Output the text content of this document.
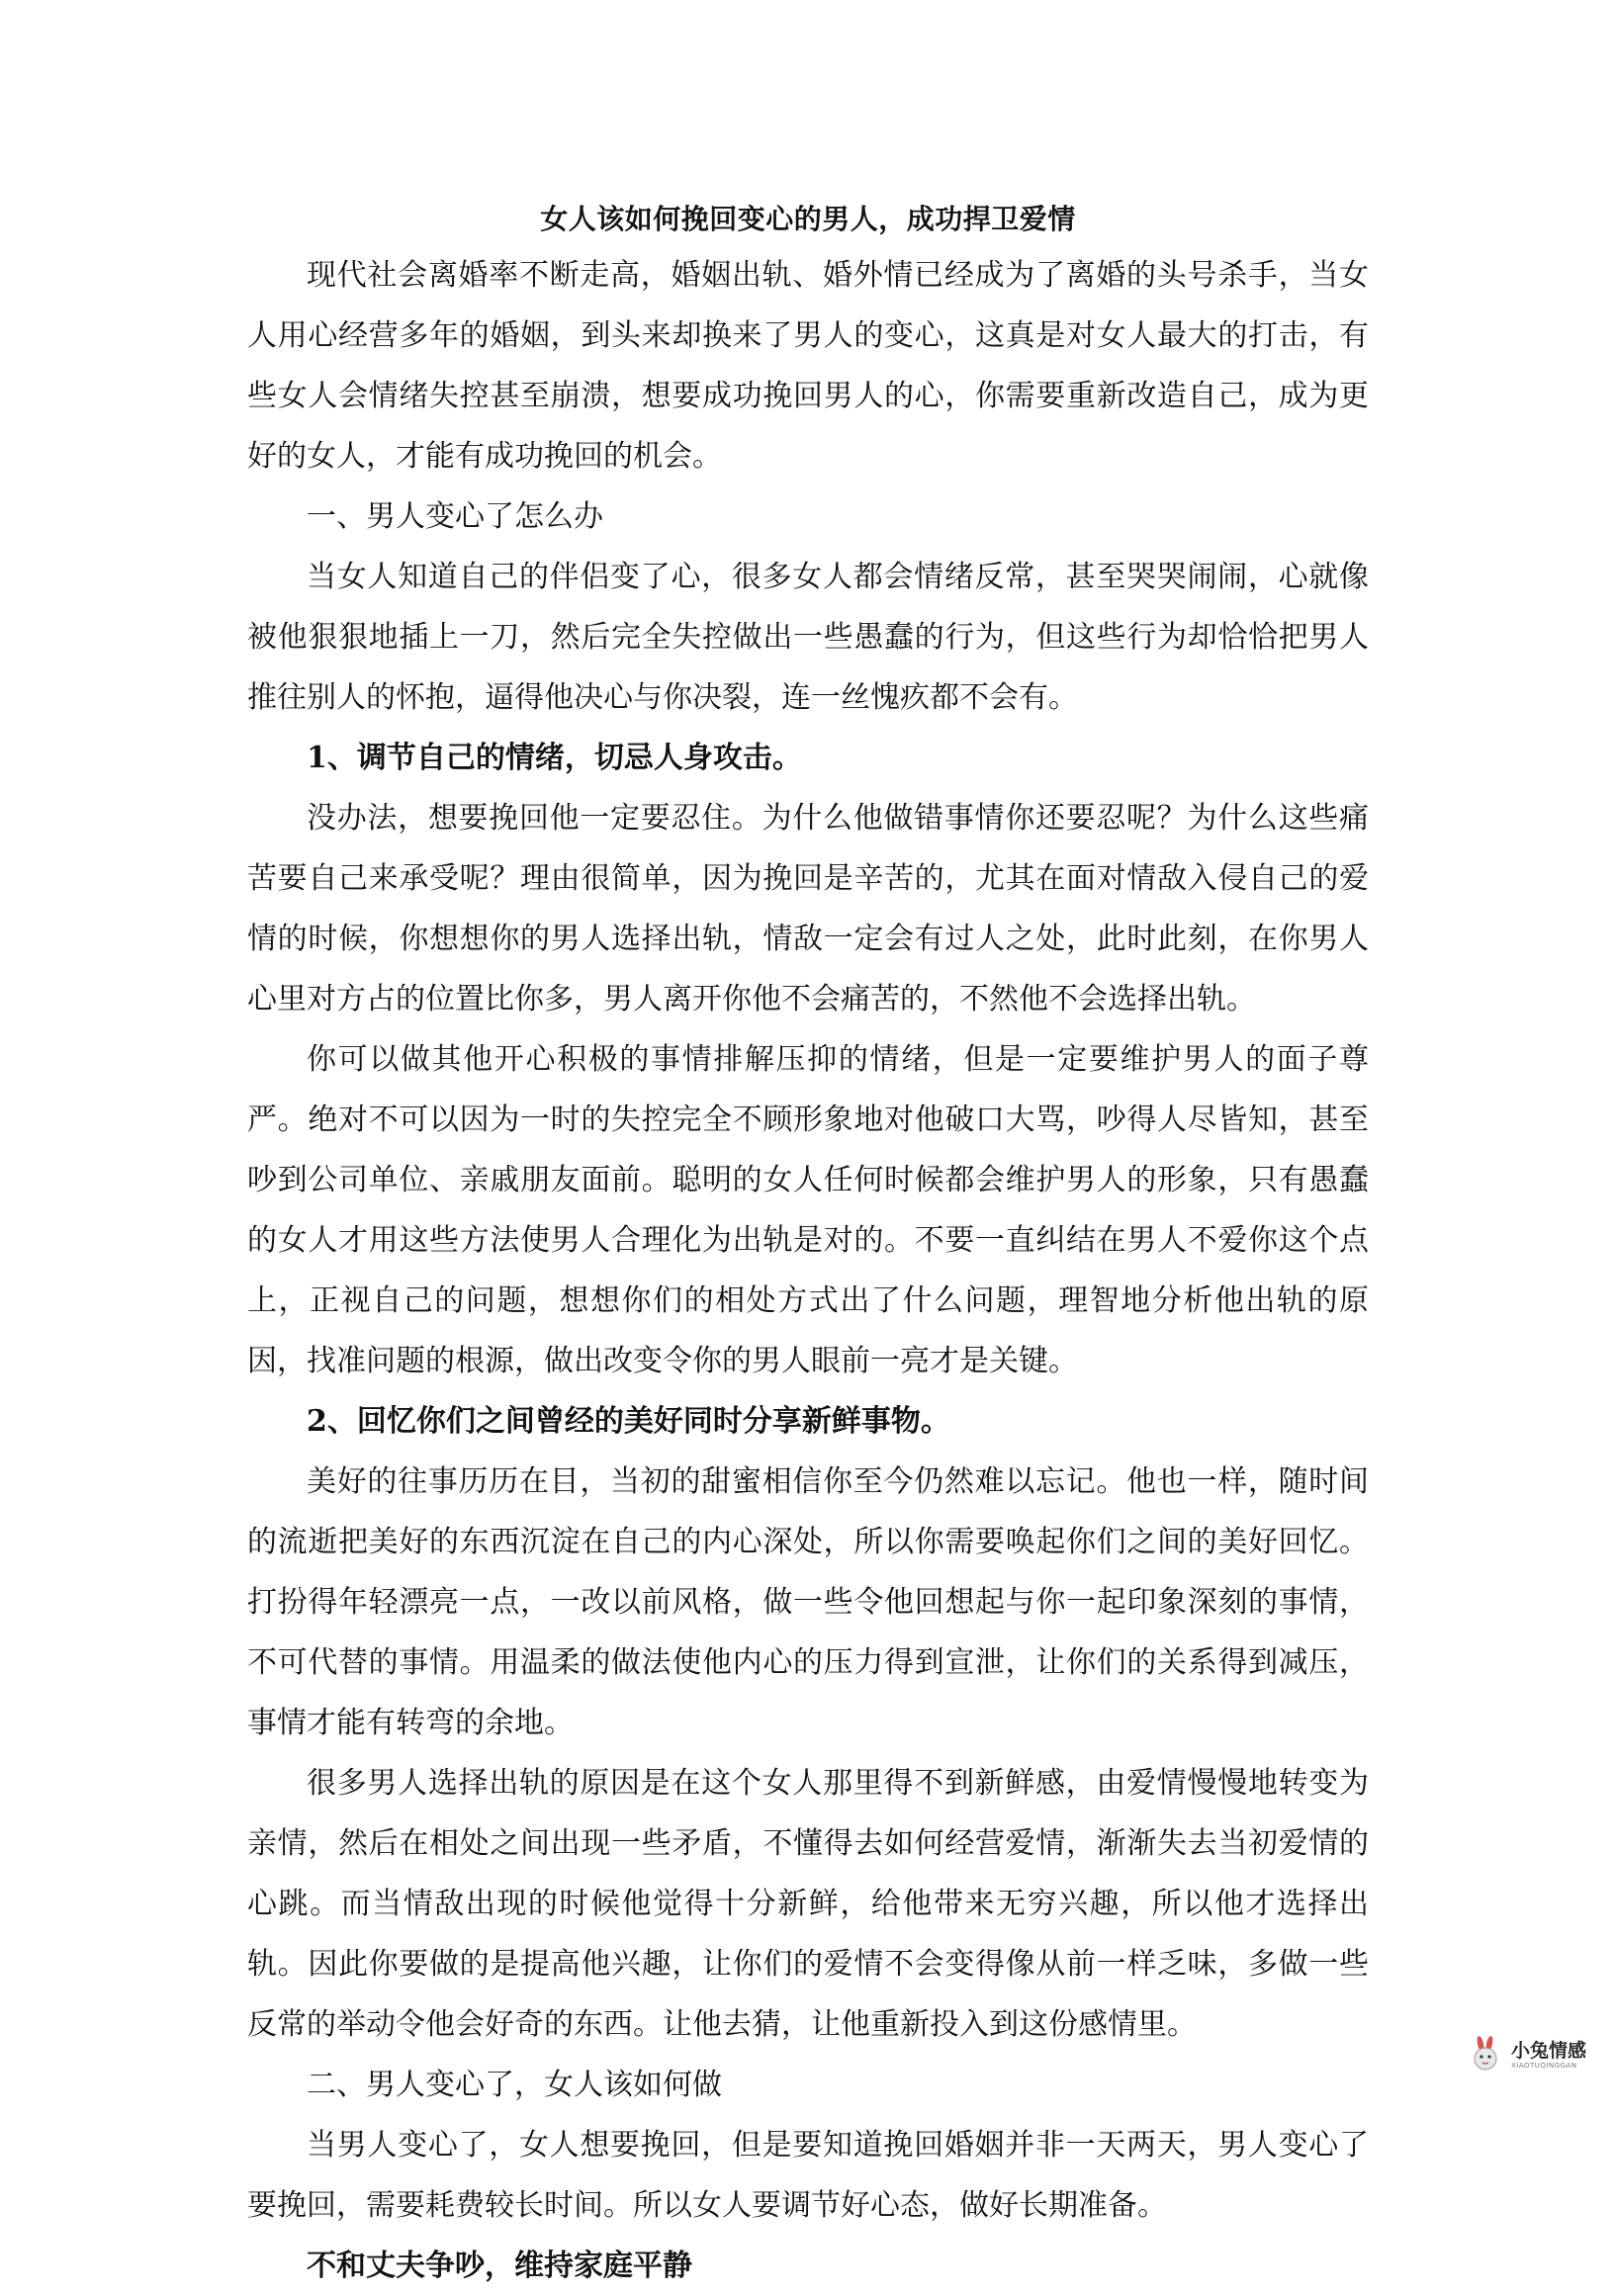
女人该如何挽回变心的男人，成功捍卫爱情

现代社会离婚率不断走高，婚姻出轨、婚外情已经成为了离婚的头号杀手，当女人用心经营多年的婚姻，到头来却换来了男人的变心，这真是对女人最大的打击，有些女人会情绪失控甚至崩溃，想要成功挽回男人的心，你需要重新改造自己，成为更好的女人，才能有成功挽回的机会。

一、男人变心了怎么办

当女人知道自己的伴侣变了心，很多女人都会情绪反常，甚至哭哭闹闹，心就像被他狠狠地插上一刀，然后完全失控做出一些愚蠢的行为，但这些行为却恰恰把男人推往别人的怀抱，逼得他决心与你决裂，连一丝愧疚都不会有。

1、调节自己的情绪，切忌人身攻击。

没办法，想要挽回他一定要忍住。为什么他做错事情你还要忍呢？为什么这些痛苦要自己来承受呢？理由很简单，因为挽回是辛苦的，尤其在面对情敌入侵自己的爱情的时候，你想想你的男人选择出轨，情敌一定会有过人之处，此时此刻，在你男人心里对方占的位置比你多，男人离开你他不会痛苦的，不然他不会选择出轨。

你可以做其他开心积极的事情排解压抑的情绪，但是一定要维护男人的面子尊严。绝对不可以因为一时的失控完全不顾形象地对他破口大骂，吵得人尽皆知，甚至吵到公司单位、亲戚朋友面前。聪明的女人任何时候都会维护男人的形象，只有愚蠢的女人才用这些方法使男人合理化为出轨是对的。不要一直纠结在男人不爱你这个点上，正视自己的问题，想想你们的相处方式出了什么问题，理智地分析他出轨的原因，找准问题的根源，做出改变令你的男人眼前一亮才是关键。

2、回忆你们之间曾经的美好同时分享新鲜事物。

美好的往事历历在目，当初的甜蜜相信你至今仍然难以忘记。他也一样，随时间的流逝把美好的东西沉淀在自己的内心深处，所以你需要唤起你们之间的美好回忆。打扮得年轻漂亮一点，一改以前风格，做一些令他回想起与你一起印象深刻的事情，不可代替的事情。用温柔的做法使他内心的压力得到宣泄，让你们的关系得到减压，事情才能有转弯的余地。

很多男人选择出轨的原因是在这个女人那里得不到新鲜感，由爱情慢慢地转变为亲情，然后在相处之间出现一些矛盾，不懂得去如何经营爱情，渐渐失去当初爱情的心跳。而当情敌出现的时候他觉得十分新鲜，给他带来无穷兴趣，所以他才选择出轨。因此你要做的是提高他兴趣，让你们的爱情不会变得像从前一样乏味，多做一些反常的举动令他会好奇的东西。让他去猜，让他重新投入到这份感情里。

二、男人变心了，女人该如何做

当男人变心了，女人想要挽回，但是要知道挽回婚姻并非一天两天，男人变心了要挽回，需要耗费较长时间。所以女人要调节好心态，做好长期准备。

不和丈夫争吵，维持家庭平静

小兔情感
XIAOTUQINGGAN
